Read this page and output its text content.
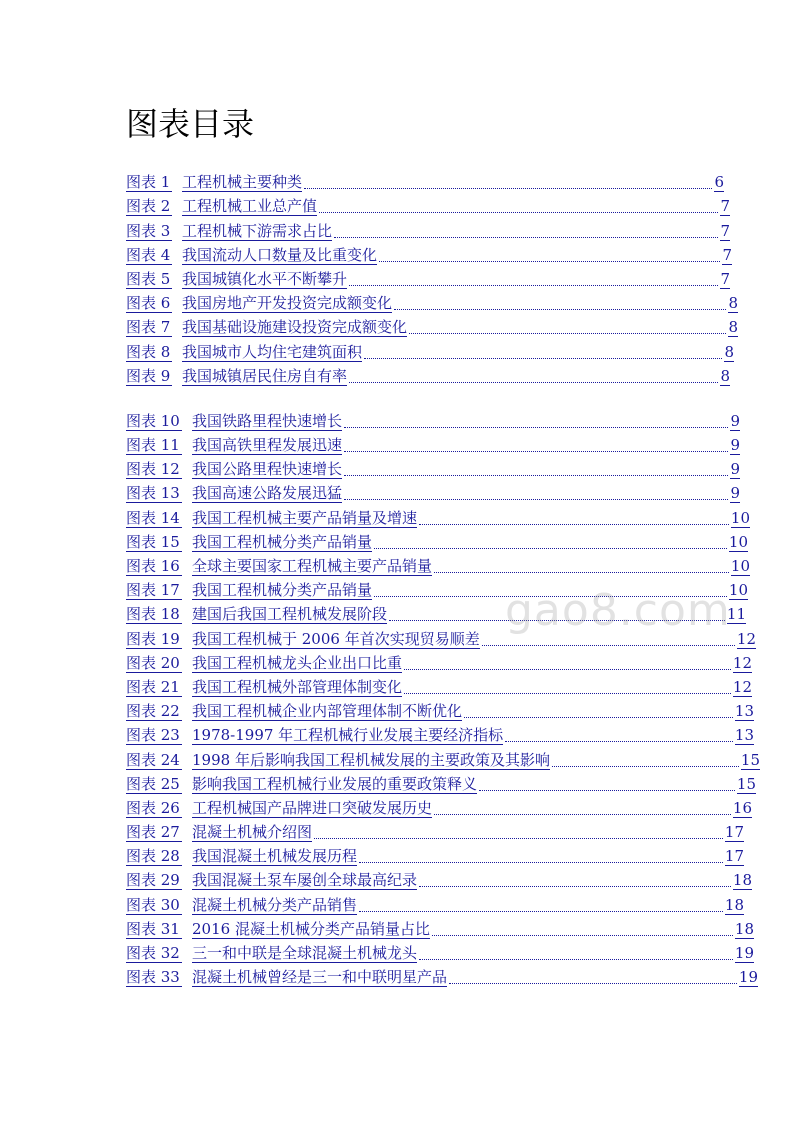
图表目录
图表 1 工程机械主要种类	6
图表 2 工程机械工业总产值	7
图表 3 工程机械下游需求占比	7
图表 4 我国流动人口数量及比重变化	7
图表 5 我国城镇化水平不断攀升	7
图表 6 我国房地产开发投资完成额变化	8
图表 7 我国基础设施建设投资完成额变化	8
图表 8 我国城市人均住宅建筑面积	8
图表 9 我国城镇居民住房自有率	8
图表 10 我国铁路里程快速增长	9
图表 11 我国高铁里程发展迅速	9
图表 12 我国公路里程快速增长	9
图表 13 我国高速公路发展迅猛	9
图表 14 我国工程机械主要产品销量及增速	10
图表 15 我国工程机械分类产品销量	10
图表 16 全球主要国家工程机械主要产品销量	10
图表 17 我国工程机械分类产品销量	10
图表 18 建国后我国工程机械发展阶段	11
图表 19 我国工程机械于 2006 年首次实现贸易顺差	12
图表 20 我国工程机械龙头企业出口比重	12
图表 21 我国工程机械外部管理体制变化	12
图表 22 我国工程机械企业内部管理体制不断优化	13
图表 23 1978-1997 年工程机械行业发展主要经济指标	13
图表 24 1998 年后影响我国工程机械发展的主要政策及其影响	15
图表 25 影响我国工程机械行业发展的重要政策释义	15
图表 26 工程机械国产品牌进口突破发展历史	16
图表 27 混凝土机械介绍图	17
图表 28 我国混凝土机械发展历程	17
图表 29 我国混凝土泵车屡创全球最高纪录	18
图表 30 混凝土机械分类产品销售	18
图表 31 2016 混凝土机械分类产品销量占比	18
图表 32 三一和中联是全球混凝土机械龙头	19
图表 33 混凝土机械曾经是三一和中联明星产品	19
gao8.com
